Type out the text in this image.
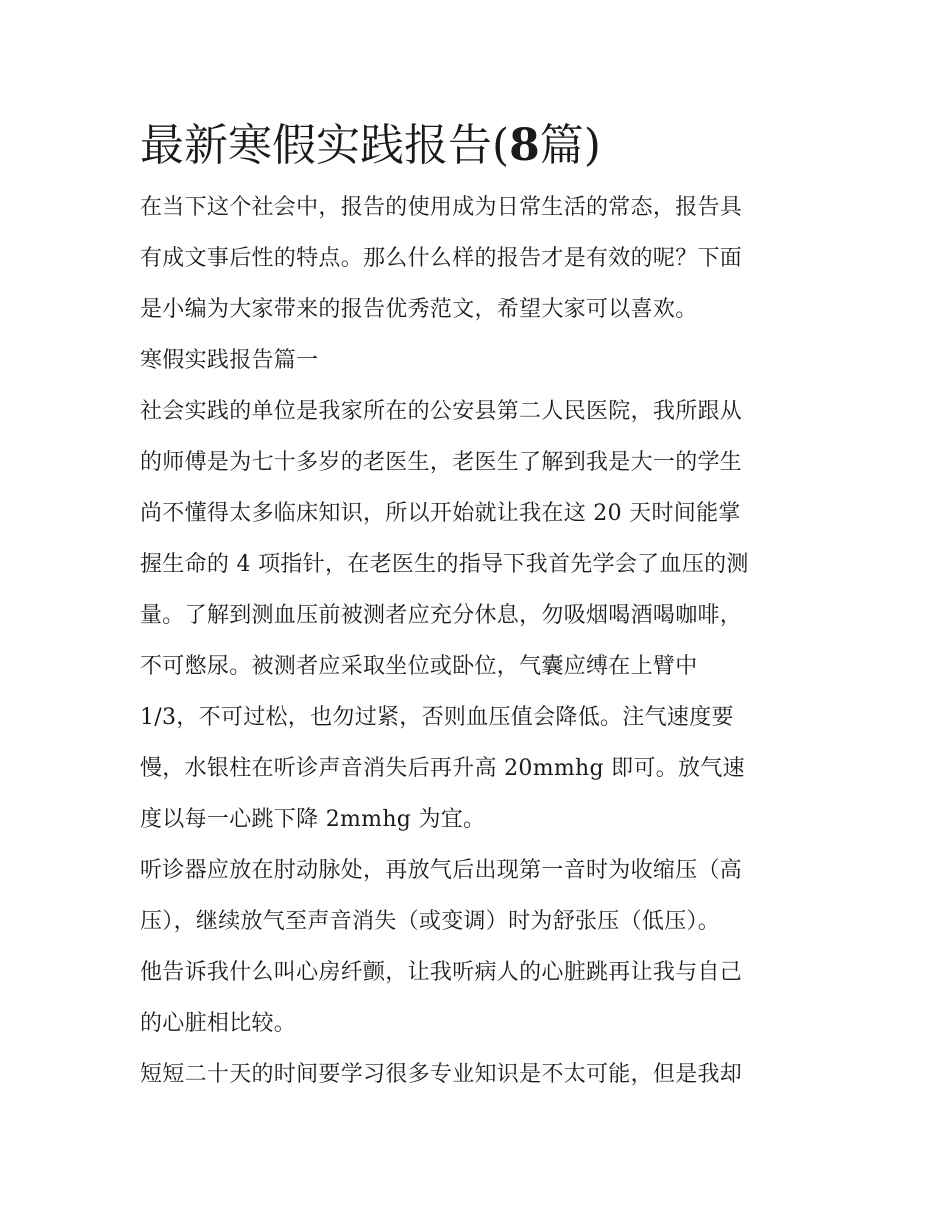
最新寒假实践报告(8篇)

在当下这个社会中，报告的使用成为日常生活的常态，报告具

有成文事后性的特点。那么什么样的报告才是有效的呢？下面

是小编为大家带来的报告优秀范文，希望大家可以喜欢。

寒假实践报告篇一

社会实践的单位是我家所在的公安县第二人民医院，我所跟从

的师傅是为七十多岁的老医生，老医生了解到我是大一的学生

尚不懂得太多临床知识，所以开始就让我在这 20 天时间能掌

握生命的 4 项指针，在老医生的指导下我首先学会了血压的测

量。了解到测血压前被测者应充分休息，勿吸烟喝酒喝咖啡，

不可憋尿。被测者应采取坐位或卧位，气囊应缚在上臂中

1/3，不可过松，也勿过紧，否则血压值会降低。注气速度要

慢，水银柱在听诊声音消失后再升高 20mmhg 即可。放气速

度以每一心跳下降 2mmhg 为宜。

听诊器应放在肘动脉处，再放气后出现第一音时为收缩压（高

压），继续放气至声音消失（或变调）时为舒张压（低压）。

他告诉我什么叫心房纤颤，让我听病人的心脏跳再让我与自己

的心脏相比较。

短短二十天的时间要学习很多专业知识是不太可能，但是我却
